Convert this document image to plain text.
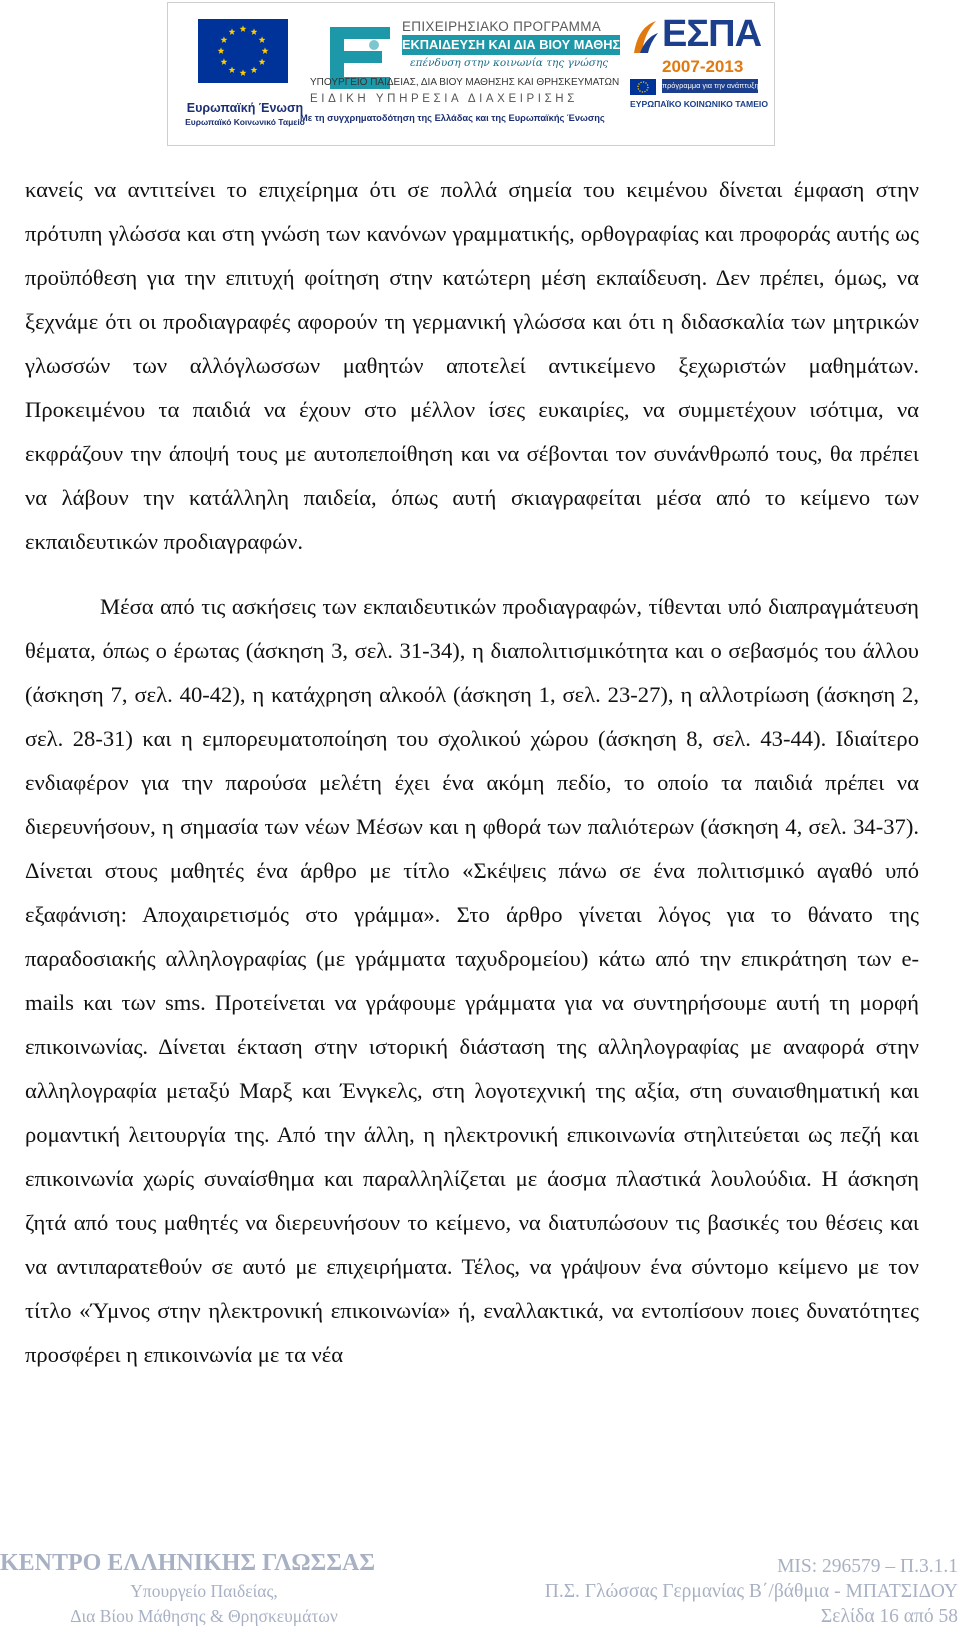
Ευρωπαϊκή Ένωση
Ευρωπαϊκό Κοινωνικό Ταμείο
ΕΠΙΧΕΙΡΗΣΙΑΚΟ ΠΡΟΓΡΑΜΜΑ
ΕΚΠΑΙΔΕΥΣΗ ΚΑΙ ΔΙΑ ΒΙΟΥ ΜΑΘΗΣΗ
επένδυση στην κοινωνία της γνώσης
ΥΠΟΥΡΓΕΙΟ ΠΑΙΔΕΙΑΣ, ΔΙΑ ΒΙΟΥ ΜΑΘΗΣΗΣ ΚΑΙ ΘΡΗΣΚΕΥΜΑΤΩΝ
ΕΙΔΙΚΗ ΥΠΗΡΕΣΙΑ ΔΙΑΧΕΙΡΙΣΗΣ
Με τη συγχρηματοδότηση της Ελλάδας και της Ευρωπαϊκής Ένωσης
ΕΣΠΑ
2007-2013
πρόγραμμα για την ανάπτυξη
ΕΥΡΩΠΑΪΚΟ ΚΟΙΝΩΝΙΚΟ ΤΑΜΕΙΟ

κανείς να αντιτείνει το επιχείρημα ότι σε πολλά σημεία του κειμένου δίνεται έμφαση στην πρότυπη γλώσσα και στη γνώση των κανόνων γραμματικής, ορθογραφίας και προφοράς αυτής ως προϋπόθεση για την επιτυχή φοίτηση στην κατώτερη μέση εκπαίδευση. Δεν πρέπει, όμως, να ξεχνάμε ότι οι προδιαγραφές αφορούν τη γερμανική γλώσσα και ότι η διδασκαλία των μητρικών γλωσσών των αλλόγλωσσων μαθητών αποτελεί αντικείμενο ξεχωριστών μαθημάτων. Προκειμένου τα παιδιά να έχουν στο μέλλον ίσες ευκαιρίες, να συμμετέχουν ισότιμα, να εκφράζουν την άποψή τους με αυτοπεποίθηση και να σέβονται τον συνάνθρωπό τους, θα πρέπει να λάβουν την κατάλληλη παιδεία, όπως αυτή σκιαγραφείται μέσα από το κείμενο των εκπαιδευτικών προδιαγραφών.

Μέσα από τις ασκήσεις των εκπαιδευτικών προδιαγραφών, τίθενται υπό διαπραγμάτευση θέματα, όπως ο έρωτας (άσκηση 3, σελ. 31-34), η διαπολιτισμικότητα και ο σεβασμός του άλλου (άσκηση 7, σελ. 40-42), η κατάχρηση αλκοόλ (άσκηση 1, σελ. 23-27), η αλλοτρίωση (άσκηση 2, σελ. 28-31) και η εμπορευματοποίηση του σχολικού χώρου (άσκηση 8, σελ. 43-44). Ιδιαίτερο ενδιαφέρον για την παρούσα μελέτη έχει ένα ακόμη πεδίο, το οποίο τα παιδιά πρέπει να διερευνήσουν, η σημασία των νέων Μέσων και η φθορά των παλιότερων (άσκηση 4, σελ. 34-37). Δίνεται στους μαθητές ένα άρθρο με τίτλο «Σκέψεις πάνω σε ένα πολιτισμικό αγαθό υπό εξαφάνιση: Αποχαιρετισμός στο γράμμα». Στο άρθρο γίνεται λόγος για το θάνατο της παραδοσιακής αλληλογραφίας (με γράμματα ταχυδρομείου) κάτω από την επικράτηση των e-mails και των sms. Προτείνεται να γράφουμε γράμματα για να συντηρήσουμε αυτή τη μορφή επικοινωνίας. Δίνεται έκταση στην ιστορική διάσταση της αλληλογραφίας με αναφορά στην αλληλογραφία μεταξύ Μαρξ και Ένγκελς, στη λογοτεχνική της αξία, στη συναισθηματική και ρομαντική λειτουργία της. Από την άλλη, η ηλεκτρονική επικοινωνία στηλιτεύεται ως πεζή και επικοινωνία χωρίς συναίσθημα και παραλληλίζεται με άοσμα πλαστικά λουλούδια. Η άσκηση ζητά από τους μαθητές να διερευνήσουν το κείμενο, να διατυπώσουν τις βασικές του θέσεις και να αντιπαρατεθούν σε αυτό με επιχειρήματα. Τέλος, να γράψουν ένα σύντομο κείμενο με τον τίτλο «Ύμνος στην ηλεκτρονική επικοινωνία» ή, εναλλακτικά, να εντοπίσουν ποιες δυνατότητες προσφέρει η επικοινωνία με τα νέα

ΚΕΝΤΡΟ ΕΛΛΗΝΙΚΗΣ ΓΛΩΣΣΑΣ
Υπουργείο Παιδείας,
Δια Βίου Μάθησης & Θρησκευμάτων
MIS: 296579 – Π.3.1.1
Π.Σ. Γλώσσας Γερμανίας Β΄/βάθμια - ΜΠΑΤΣΙΔΟΥ
Σελίδα 16 από 58
